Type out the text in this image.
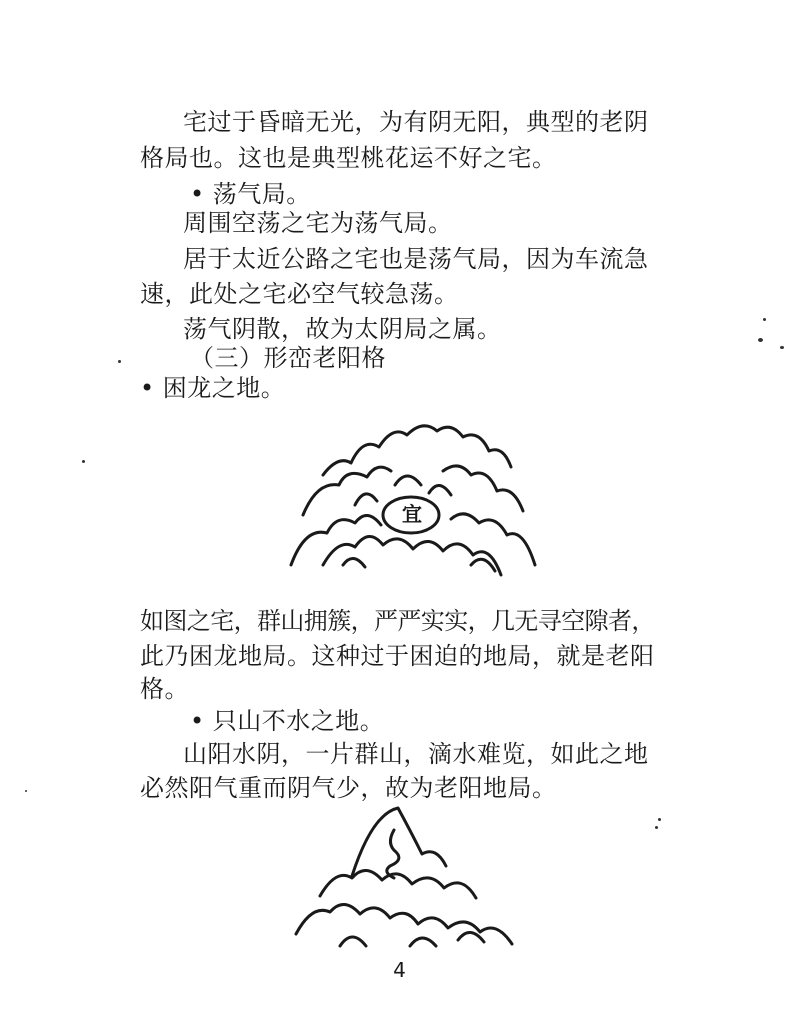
宅过于昏暗无光，为有阴无阳，典型的老阴
格局也。这也是典型桃花运不好之宅。
• 荡气局。
周围空荡之宅为荡气局。
居于太近公路之宅也是荡气局，因为车流急
速，此处之宅必空气较急荡。
荡气阴散，故为太阴局之属。
（三）形峦老阳格
• 困龙之地。
宜
如图之宅，群山拥簇，严严实实，几无寻空隙者，
此乃困龙地局。这种过于困迫的地局，就是老阳
格。
• 只山不水之地。
山阳水阴，一片群山，滴水难览，如此之地
必然阳气重而阴气少，故为老阳地局。
4
